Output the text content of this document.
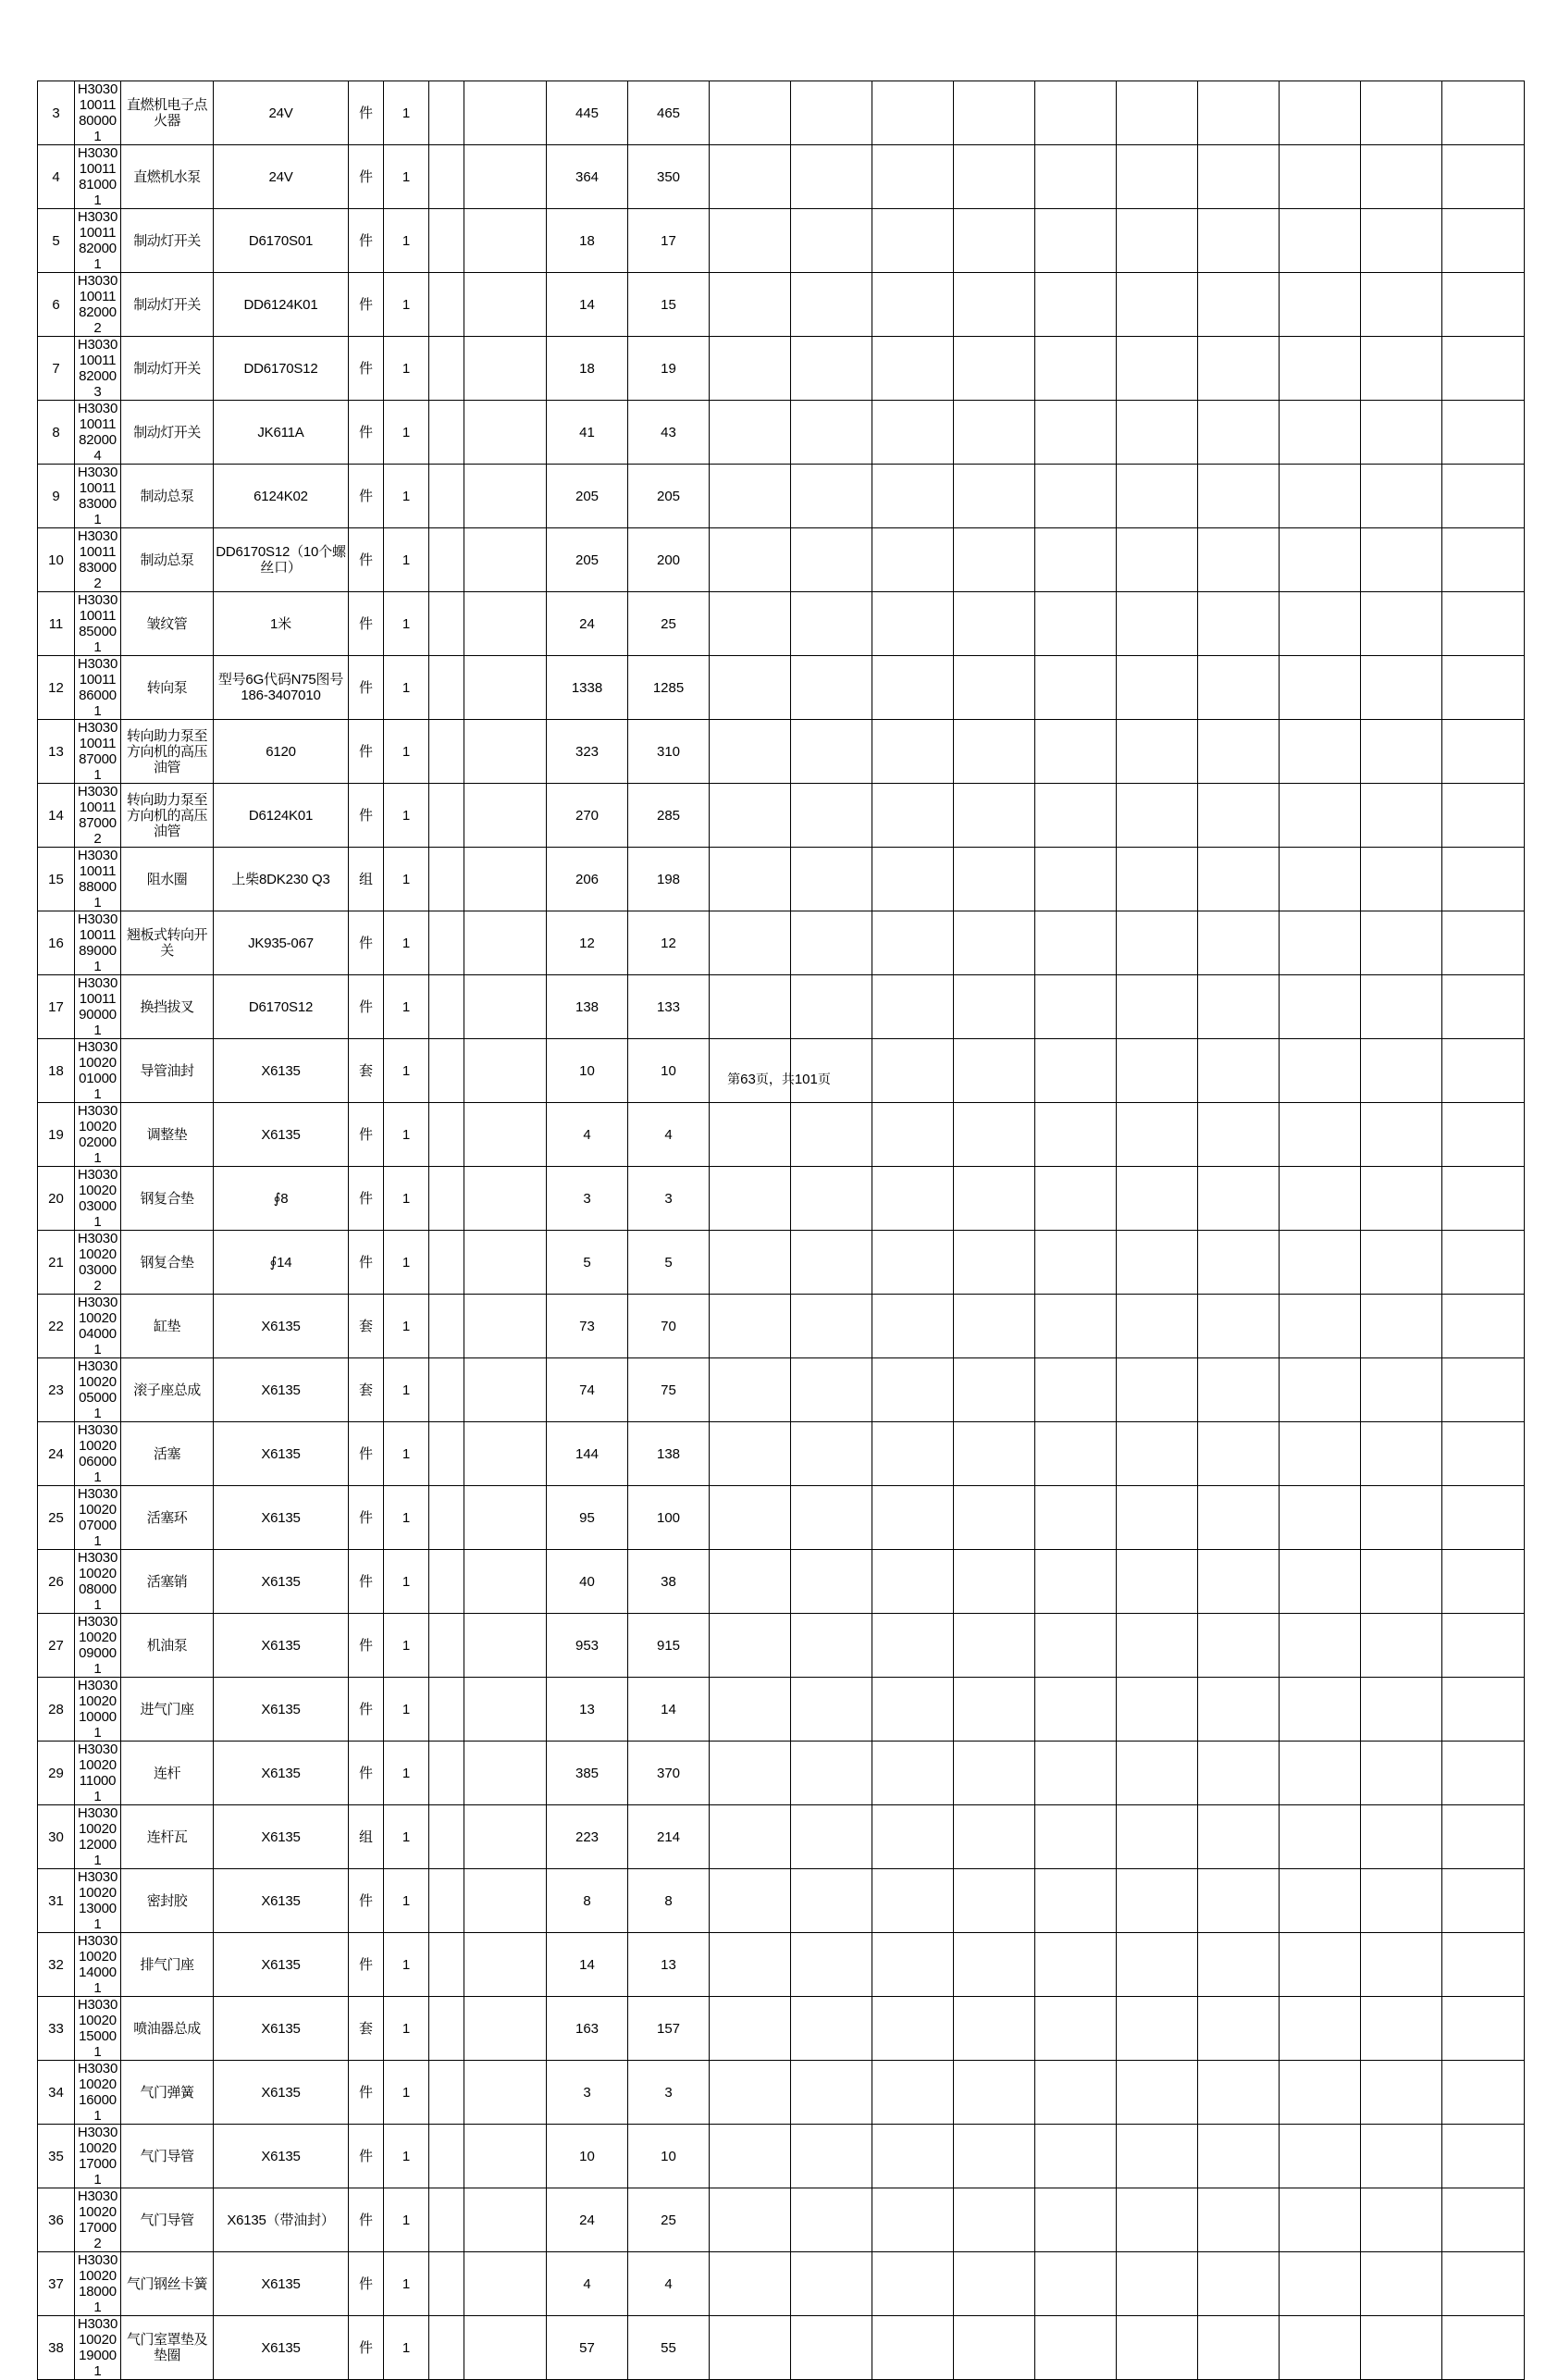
3	H303010011800001	直燃机电子点火器	24V	件	1			445	465										
4	H303010011810001	直燃机水泵	24V	件	1			364	350										
5	H303010011820001	制动灯开关	D6170S01	件	1			18	17										
6	H303010011820002	制动灯开关	DD6124K01	件	1			14	15										
7	H303010011820003	制动灯开关	DD6170S12	件	1			18	19										
8	H303010011820004	制动灯开关	JK611A	件	1			41	43										
9	H303010011830001	制动总泵	6124K02	件	1			205	205										
10	H303010011830002	制动总泵	DD6170S12（10个螺丝口）	件	1			205	200										
11	H303010011850001	皱纹管	1米	件	1			24	25										
12	H303010011860001	转向泵	型号6G代码N75图号186-3407010	件	1			1338	1285										
13	H303010011870001	转向助力泵至方向机的高压油管	6120	件	1			323	310										
14	H303010011870002	转向助力泵至方向机的高压油管	D6124K01	件	1			270	285										
15	H303010011880001	阻水圈	上柴8DK230 Q3	组	1			206	198										
16	H303010011890001	翘板式转向开关	JK935-067	件	1			12	12										
17	H303010011900001	换挡拔叉	D6170S12	件	1			138	133										
18	H303010020010001	导管油封	X6135	套	1			10	10										
19	H303010020020001	调整垫	X6135	件	1			4	4										
20	H303010020030001	钢复合垫	∮8	件	1			3	3										
21	H303010020030002	钢复合垫	∮14	件	1			5	5										
22	H303010020040001	缸垫	X6135	套	1			73	70										
23	H303010020050001	滚子座总成	X6135	套	1			74	75										
24	H303010020060001	活塞	X6135	件	1			144	138										
25	H303010020070001	活塞环	X6135	件	1			95	100										
26	H303010020080001	活塞销	X6135	件	1			40	38										
27	H303010020090001	机油泵	X6135	件	1			953	915										
28	H303010020100001	进气门座	X6135	件	1			13	14										
29	H303010020110001	连杆	X6135	件	1			385	370										
30	H303010020120001	连杆瓦	X6135	组	1			223	214										
31	H303010020130001	密封胶	X6135	件	1			8	8										
32	H303010020140001	排气门座	X6135	件	1			14	13										
33	H303010020150001	喷油器总成	X6135	套	1			163	157										
34	H303010020160001	气门弹簧	X6135	件	1			3	3										
35	H303010020170001	气门导管	X6135	件	1			10	10										
36	H303010020170002	气门导管	X6135（带油封）	件	1			24	25										
37	H303010020180001	气门钢丝卡簧	X6135	件	1			4	4										
38	H303010020190001	气门室罩垫及垫圈	X6135	件	1			57	55										
第63页，共101页
